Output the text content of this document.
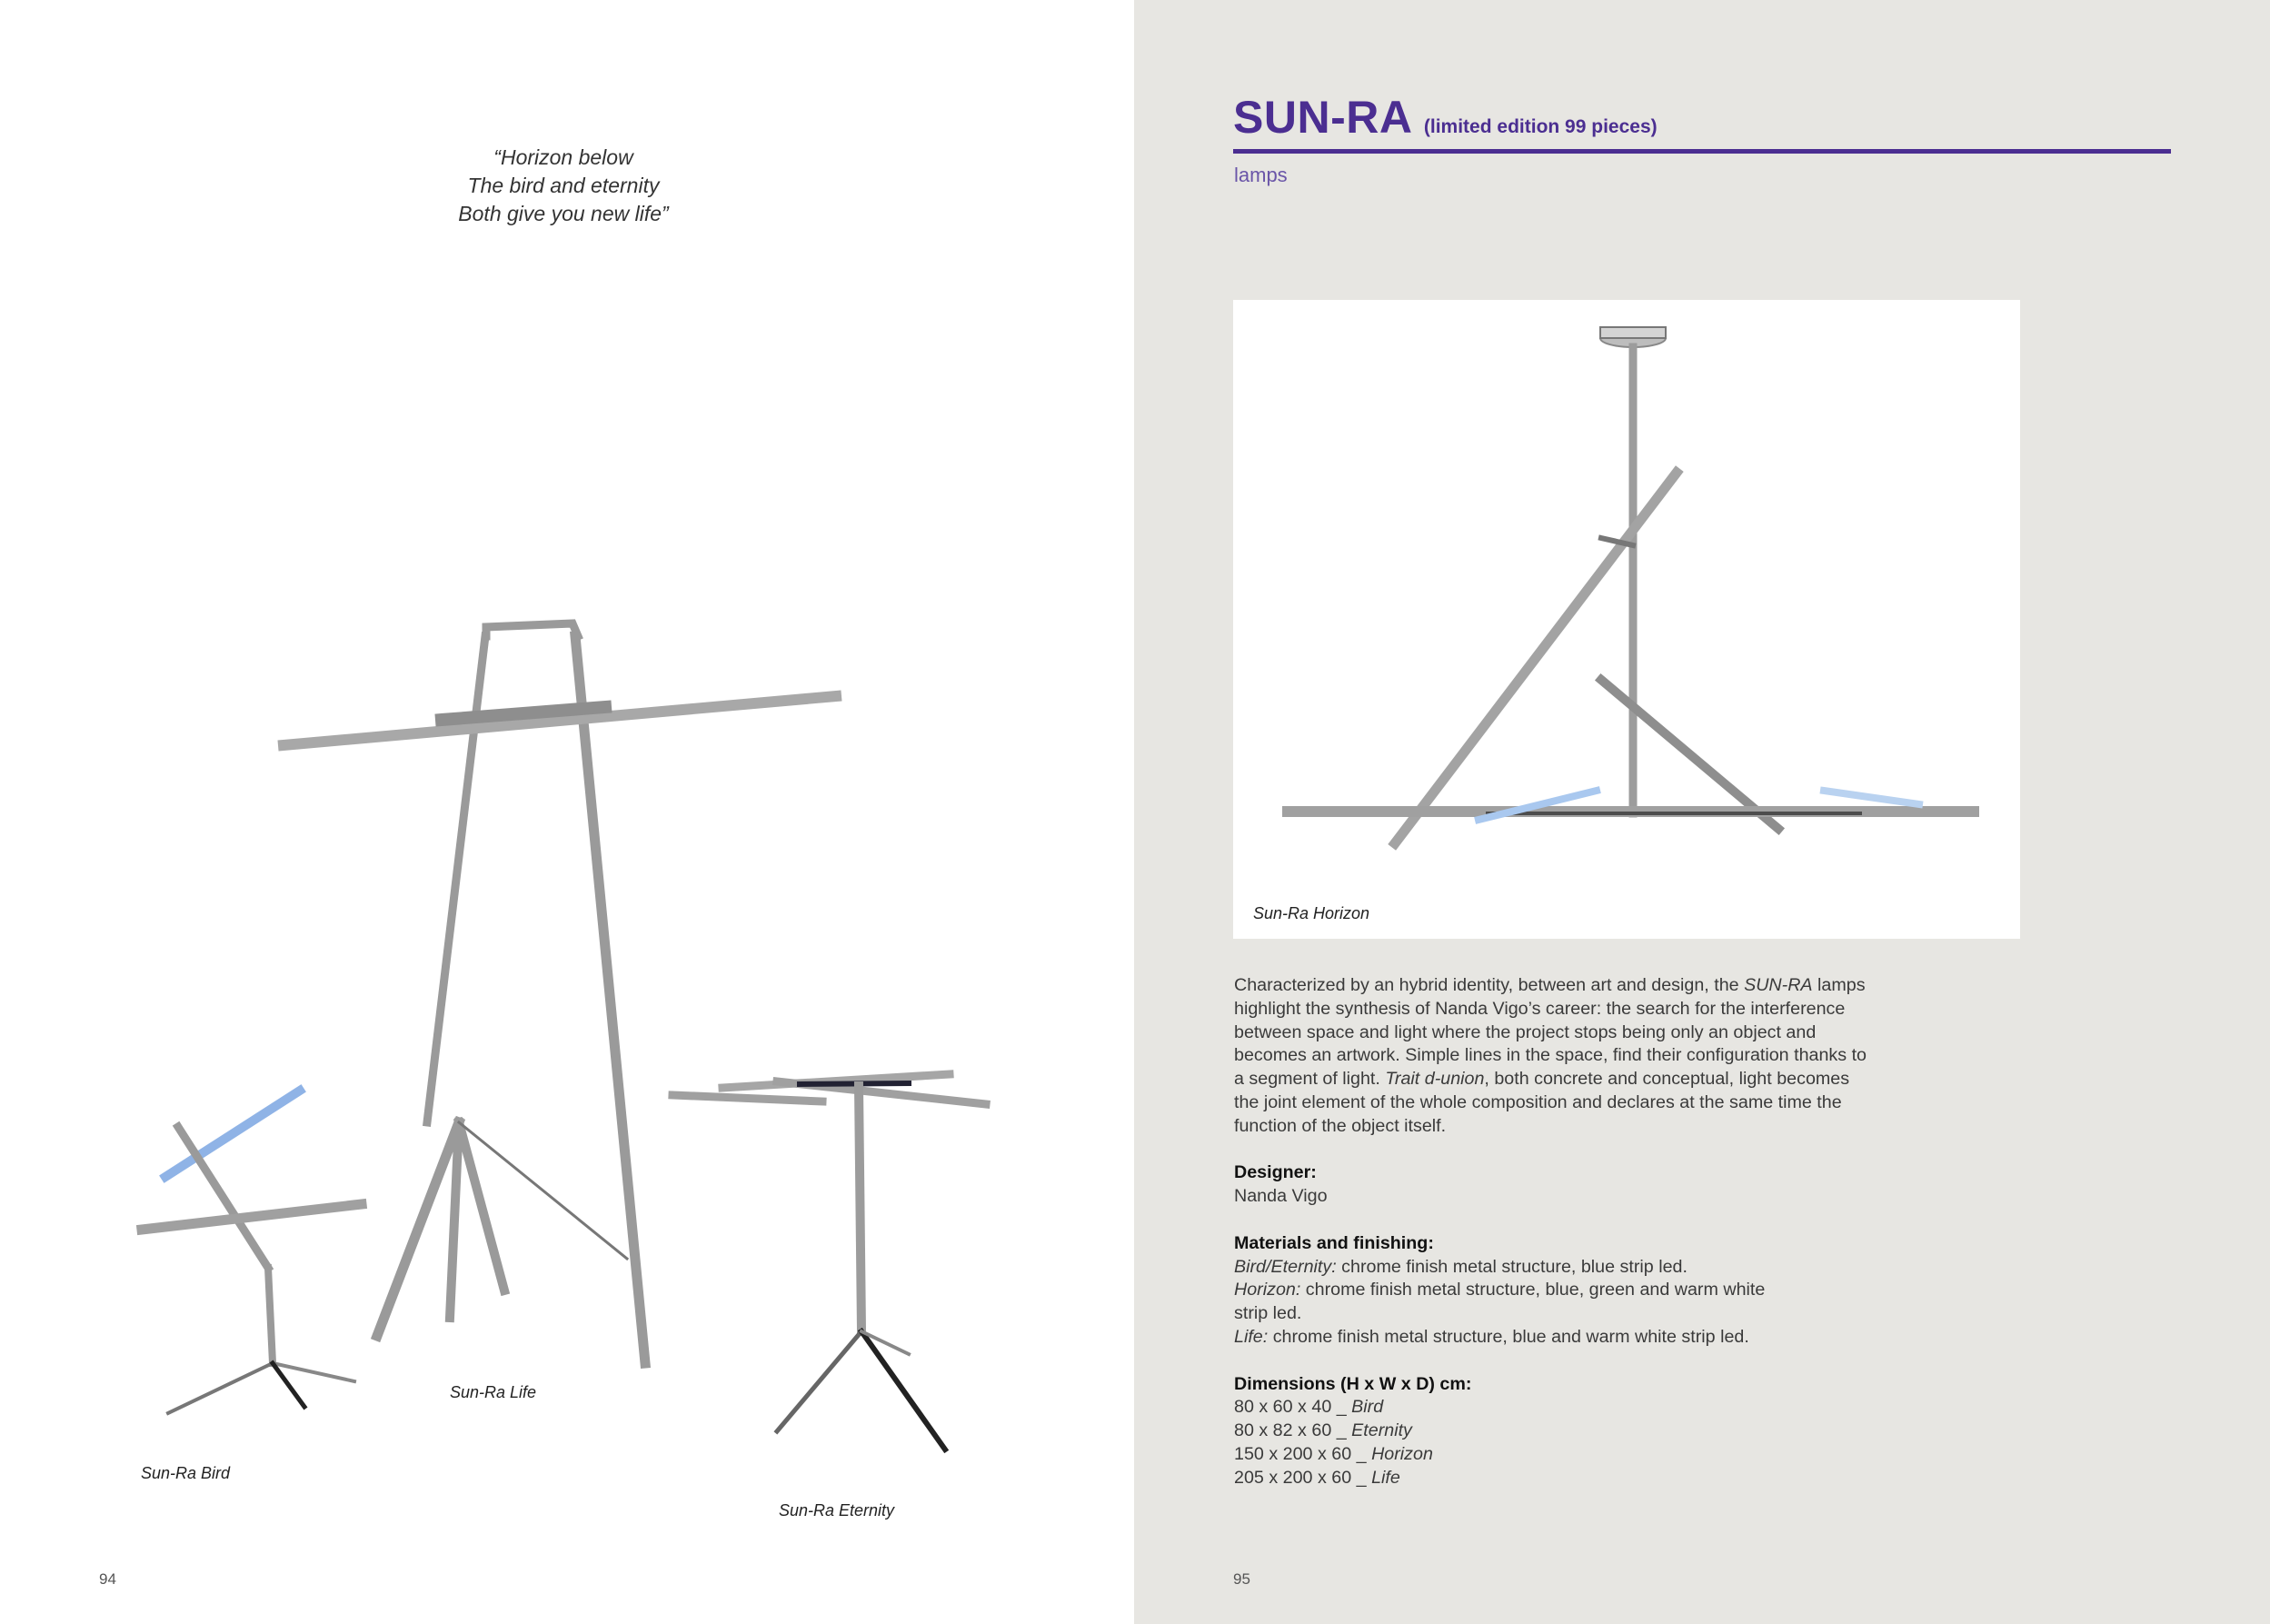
“Horizon below
The bird and eternity
Both give you new life”
Sun-Ra Life
Sun-Ra Bird
Sun-Ra Eternity
94
SUN-RA (limited edition 99 pieces)
lamps
Sun-Ra Horizon

Characterized by an hybrid identity, between art and design, the SUN-RA lamps highlight the synthesis of Nanda Vigo’s career: the search for the interference between space and light where the project stops being only an object and becomes an artwork. Simple lines in the space, find their configuration thanks to a segment of light. Trait d-union, both concrete and conceptual, light becomes the joint element of the whole composition and declares at the same time the function of the object itself.

Designer:

Nanda Vigo

Materials and finishing:

Bird/Eternity: chrome finish metal structure, blue strip led.

Horizon: chrome finish metal structure, blue, green and warm white strip led.

Life: chrome finish metal structure, blue and warm white strip led.

Dimensions (H x W x D) cm:

80 x 60 x 40 _ Bird

80 x 82 x 60 _ Eternity

150 x 200 x 60 _ Horizon

205 x 200 x 60 _ Life

95
